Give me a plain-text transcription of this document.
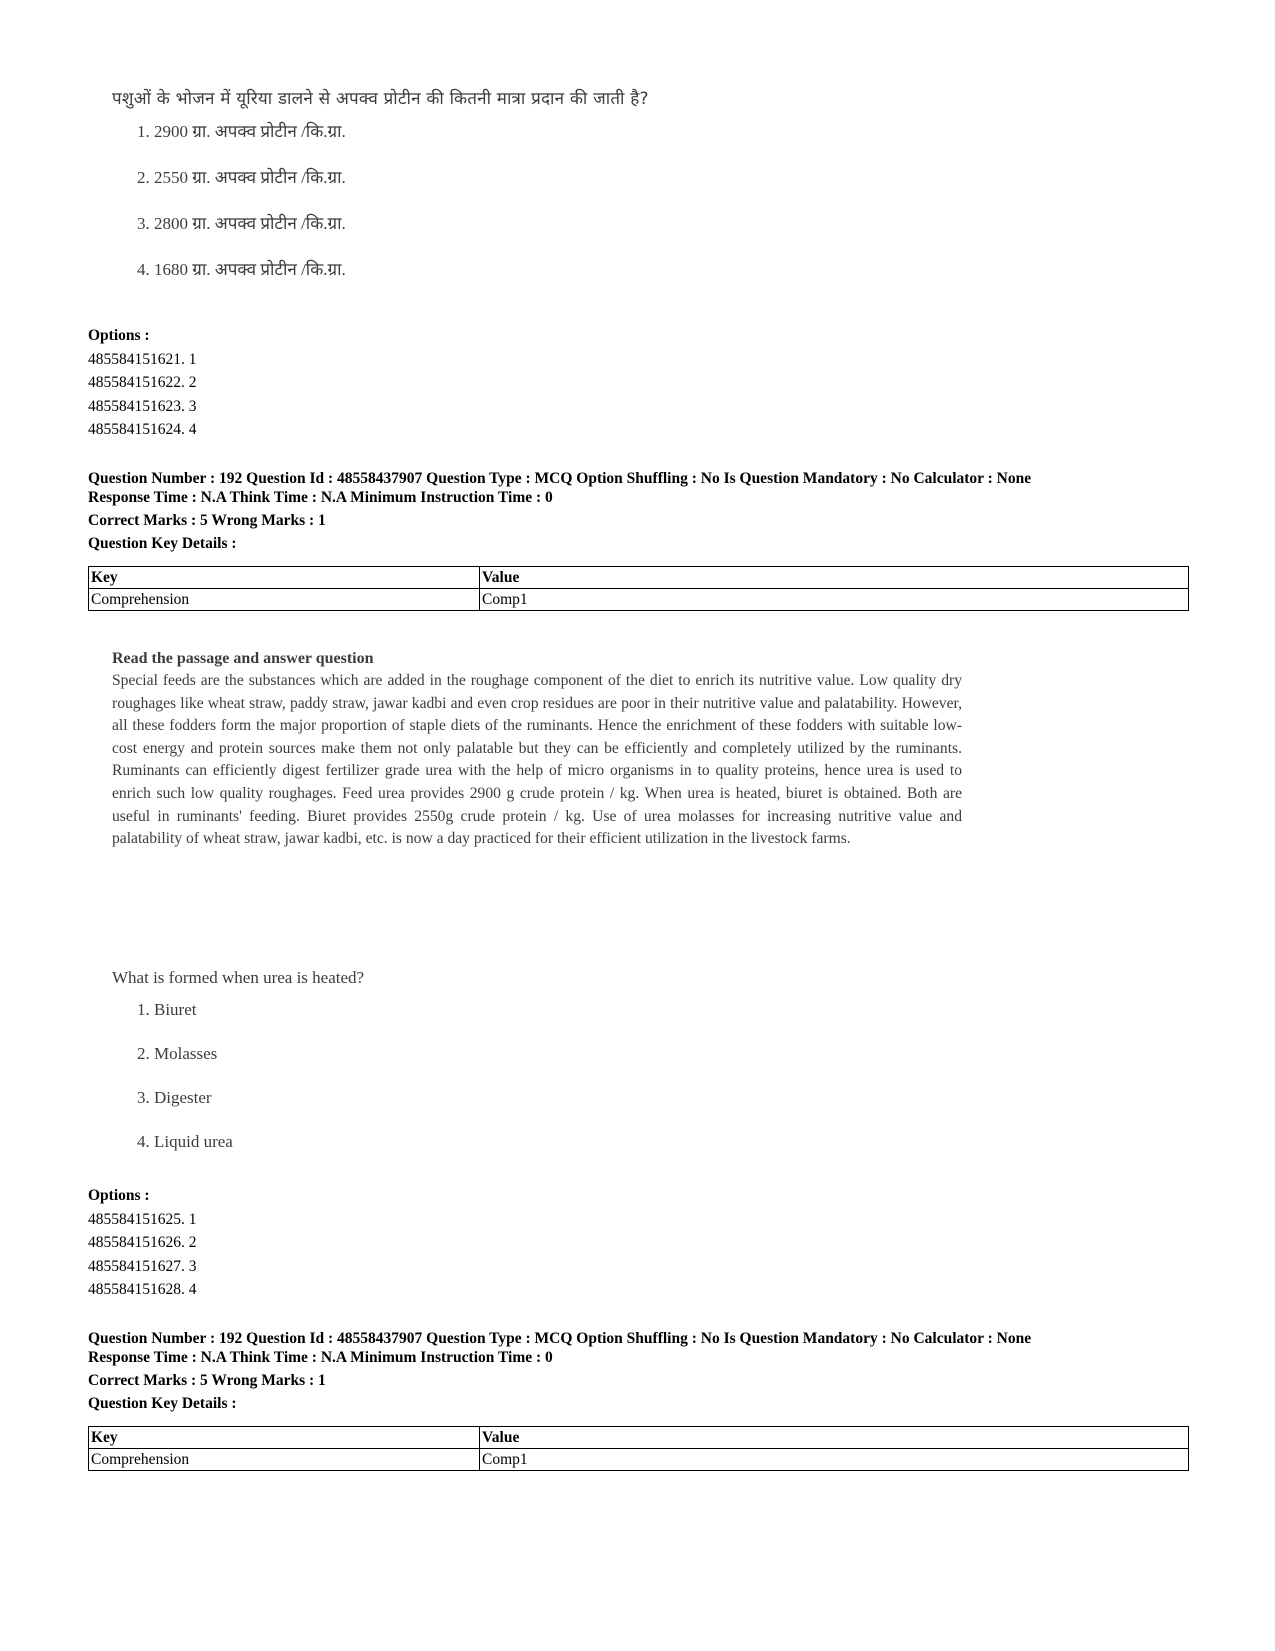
पशुओं के भोजन में यूरिया डालने से अपक्व प्रोटीन की कितनी मात्रा प्रदान की जाती है?
1. 2900 ग्रा. अपक्व प्रोटीन /कि.ग्रा.
2. 2550 ग्रा. अपक्व प्रोटीन /कि.ग्रा.
3. 2800 ग्रा. अपक्व प्रोटीन /कि.ग्रा.
4. 1680 ग्रा. अपक्व प्रोटीन /कि.ग्रा.
Options :
485584151621. 1
485584151622. 2
485584151623. 3
485584151624. 4
Question Number : 192 Question Id : 48558437907 Question Type : MCQ Option Shuffling : No Is Question Mandatory : No Calculator : None
Response Time : N.A Think Time : N.A Minimum Instruction Time : 0
Correct Marks : 5 Wrong Marks : 1
Question Key Details :
Key	Value
Comprehension	Comp1
Read the passage and answer question
Special feeds are the substances which are added in the roughage component of the diet to enrich its nutritive value. Low quality dry roughages like wheat straw, paddy straw, jawar kadbi and even crop residues are poor in their nutritive value and palatability. However, all these fodders form the major proportion of staple diets of the ruminants. Hence the enrichment of these fodders with suitable low-cost energy and protein sources make them not only palatable but they can be efficiently and completely utilized by the ruminants. Ruminants can efficiently digest fertilizer grade urea with the help of micro organisms in to quality proteins, hence urea is used to enrich such low quality roughages. Feed urea provides 2900 g crude protein / kg. When urea is heated, biuret is obtained. Both are useful in ruminants' feeding. Biuret provides 2550g crude protein / kg. Use of urea molasses for increasing nutritive value and palatability of wheat straw, jawar kadbi, etc. is now a day practiced for their efficient utilization in the livestock farms.
What is formed when urea is heated?
1. Biuret
2. Molasses
3. Digester
4. Liquid urea
Options :
485584151625. 1
485584151626. 2
485584151627. 3
485584151628. 4
Question Number : 192 Question Id : 48558437907 Question Type : MCQ Option Shuffling : No Is Question Mandatory : No Calculator : None
Response Time : N.A Think Time : N.A Minimum Instruction Time : 0
Correct Marks : 5 Wrong Marks : 1
Question Key Details :
Key	Value
Comprehension	Comp1
